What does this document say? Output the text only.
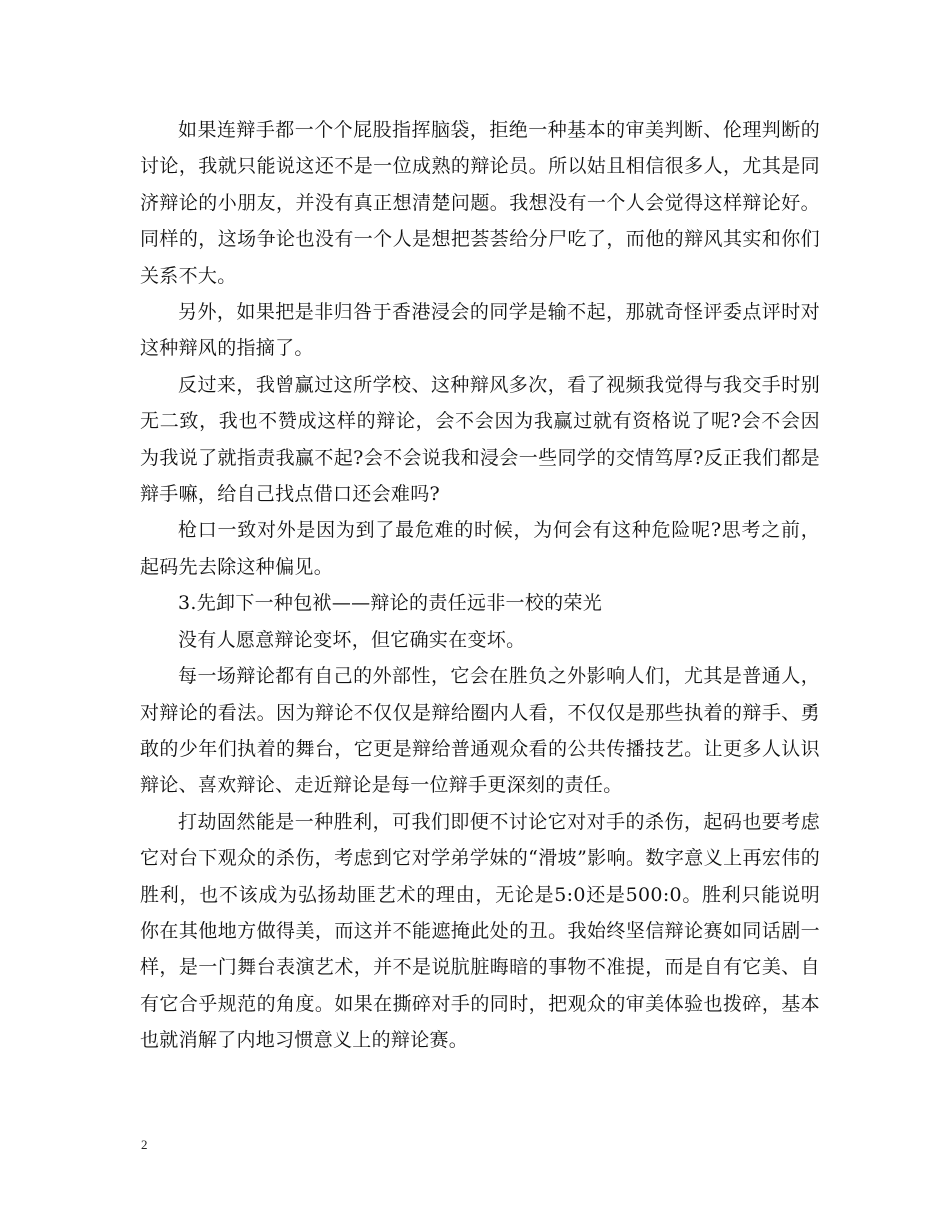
如果连辩手都一个个屁股指挥脑袋，拒绝一种基本的审美判断、伦理判断的讨论，我就只能说这还不是一位成熟的辩论员。所以姑且相信很多人，尤其是同济辩论的小朋友，并没有真正想清楚问题。我想没有一个人会觉得这样辩论好。同样的，这场争论也没有一个人是想把荟荟给分尸吃了，而他的辩风其实和你们关系不大。

另外，如果把是非归咎于香港浸会的同学是输不起，那就奇怪评委点评时对这种辩风的指摘了。

反过来，我曾赢过这所学校、这种辩风多次，看了视频我觉得与我交手时别无二致，我也不赞成这样的辩论，会不会因为我赢过就有资格说了呢?会不会因为我说了就指责我赢不起?会不会说我和浸会一些同学的交情笃厚?反正我们都是辩手嘛，给自己找点借口还会难吗?

枪口一致对外是因为到了最危难的时候，为何会有这种危险呢?思考之前，起码先去除这种偏见。

3.先卸下一种包袱——辩论的责任远非一校的荣光

没有人愿意辩论变坏，但它确实在变坏。

每一场辩论都有自己的外部性，它会在胜负之外影响人们，尤其是普通人，对辩论的看法。因为辩论不仅仅是辩给圈内人看，不仅仅是那些执着的辩手、勇敢的少年们执着的舞台，它更是辩给普通观众看的公共传播技艺。让更多人认识辩论、喜欢辩论、走近辩论是每一位辩手更深刻的责任。

打劫固然能是一种胜利，可我们即便不讨论它对对手的杀伤，起码也要考虑它对台下观众的杀伤，考虑到它对学弟学妹的“滑坡”影响。数字意义上再宏伟的胜利，也不该成为弘扬劫匪艺术的理由，无论是5:0还是500:0。胜利只能说明你在其他地方做得美，而这并不能遮掩此处的丑。我始终坚信辩论赛如同话剧一样，是一门舞台表演艺术，并不是说肮脏晦暗的事物不准提，而是自有它美、自有它合乎规范的角度。如果在撕碎对手的同时，把观众的审美体验也拨碎，基本也就消解了内地习惯意义上的辩论赛。

2
